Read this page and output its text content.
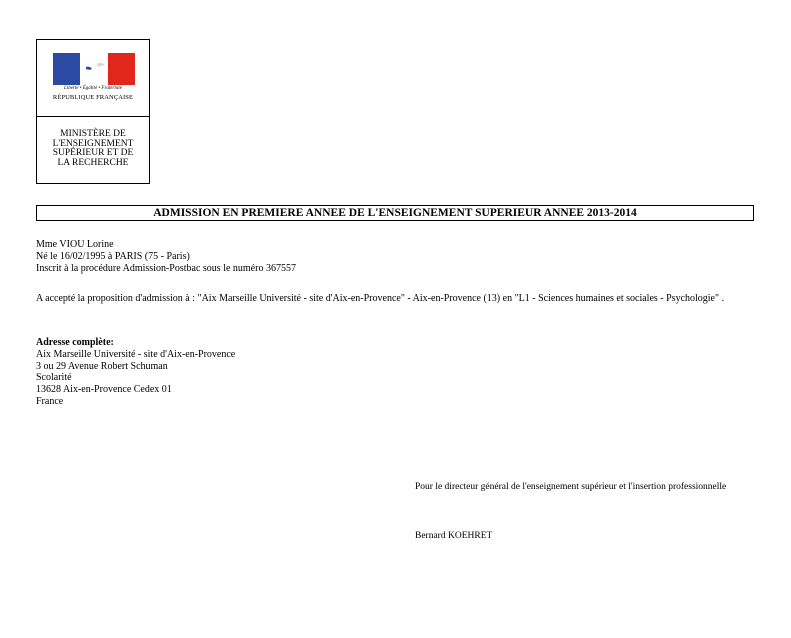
Liberté • Égalité • Fraternité
RÉPUBLIQUE FRANÇAISE
MINISTÈRE DE
L'ENSEIGNEMENT
SUPÉRIEUR ET DE
LA RECHERCHE
ADMISSION EN PREMIERE ANNEE DE L'ENSEIGNEMENT SUPERIEUR ANNEE 2013-2014
Mme VIOU Lorine
Né le 16/02/1995 à PARIS (75 - Paris)
Inscrit à la procédure Admission-Postbac sous le numéro 367557
A accepté la proposition d'admission à : "Aix Marseille Université - site d'Aix-en-Provence" - Aix-en-Provence (13) en "L1 - Sciences humaines et sociales - Psychologie" .
Adresse complète:
Aix Marseille Université - site d'Aix-en-Provence
3 ou 29 Avenue Robert Schuman
Scolarité
13628 Aix-en-Provence Cedex 01
France
Pour le directeur général de l'enseignement supérieur et l'insertion professionnelle
Bernard KOEHRET
